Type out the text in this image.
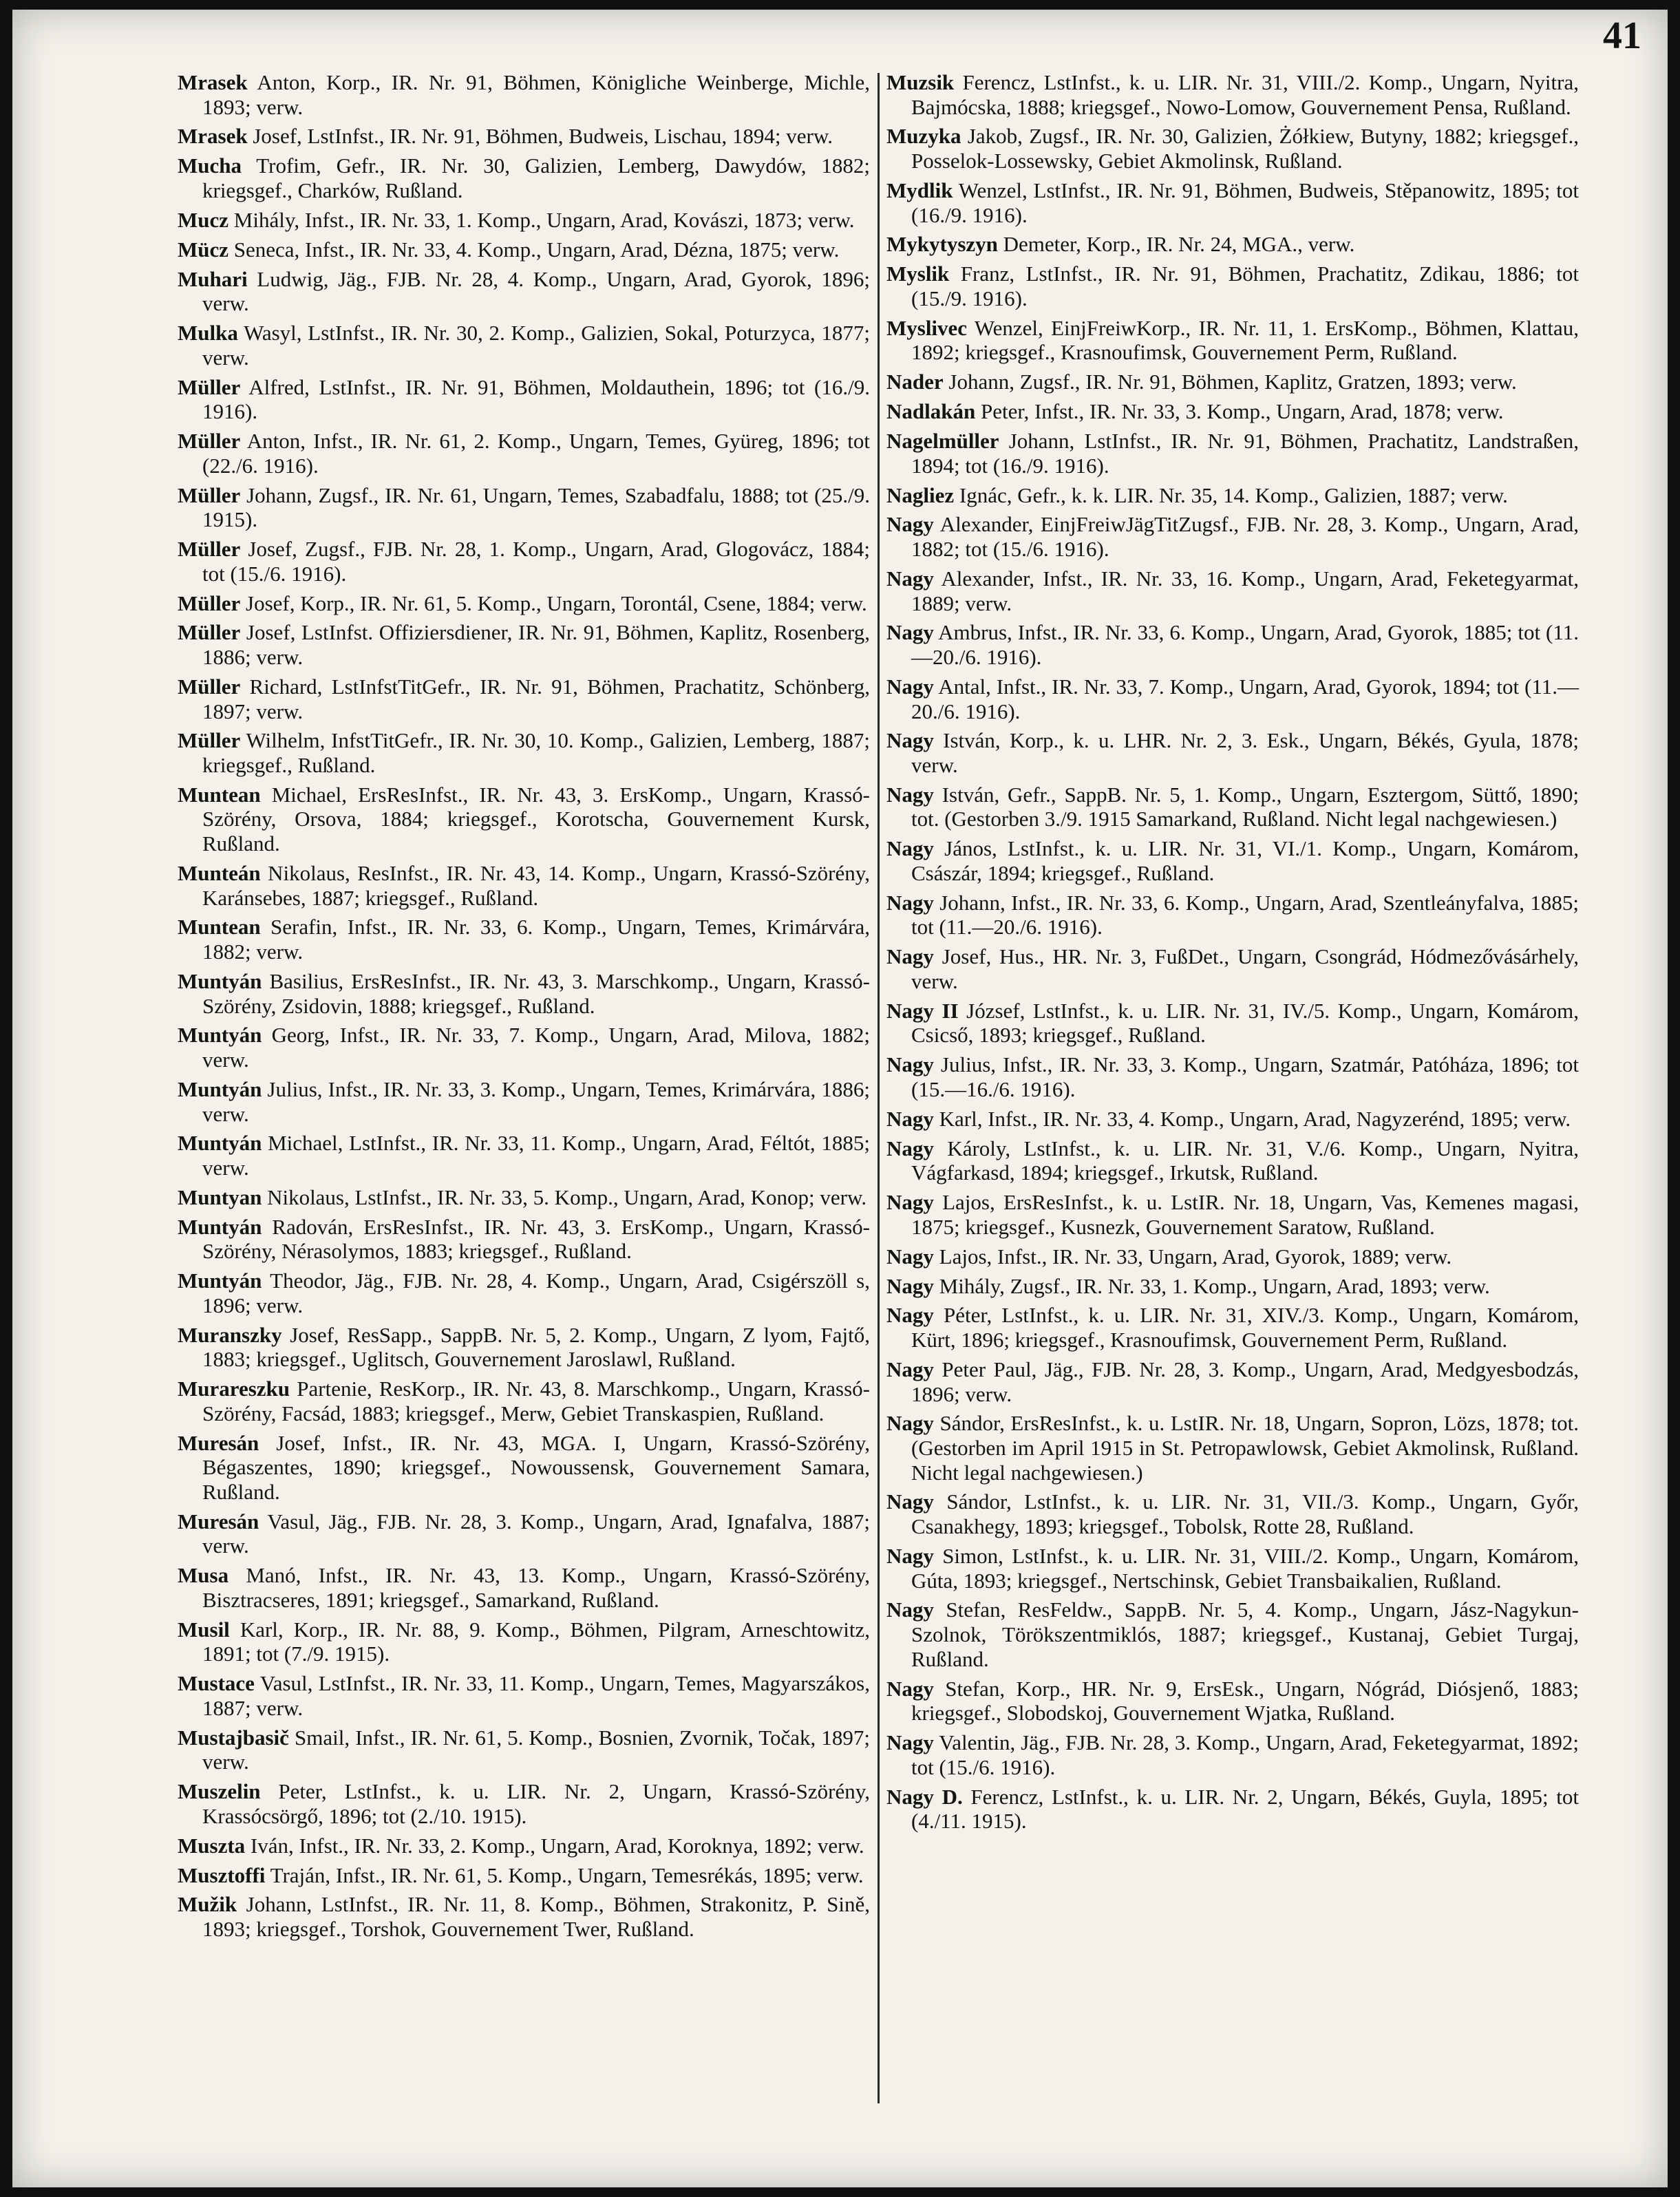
41

Mrasek Anton, Korp., IR. Nr. 91, Böhmen, Königliche Weinberge, Michle, 1893; verw.

Mrasek Josef, LstInfst., IR. Nr. 91, Böhmen, Budweis, Lischau, 1894; verw.

Mucha Trofim, Gefr., IR. Nr. 30, Galizien, Lemberg, Dawydów, 1882; kriegsgef., Charków, Rußland.

Mucz Mihály, Infst., IR. Nr. 33, 1. Komp., Ungarn, Arad, Kovászi, 1873; verw.

Mücz Seneca, Infst., IR. Nr. 33, 4. Komp., Ungarn, Arad, Dézna, 1875; verw.

Muhari Ludwig, Jäg., FJB. Nr. 28, 4. Komp., Ungarn, Arad, Gyorok, 1896; verw.

Mulka Wasyl, LstInfst., IR. Nr. 30, 2. Komp., Galizien, Sokal, Poturzyca, 1877; verw.

Müller Alfred, LstInfst., IR. Nr. 91, Böhmen, Moldauthein, 1896; tot (16./9. 1916).

Müller Anton, Infst., IR. Nr. 61, 2. Komp., Ungarn, Temes, Gyüreg, 1896; tot (22./6. 1916).

Müller Johann, Zugsf., IR. Nr. 61, Ungarn, Temes, Szabadfalu, 1888; tot (25./9. 1915).

Müller Josef, Zugsf., FJB. Nr. 28, 1. Komp., Ungarn, Arad, Glogovácz, 1884; tot (15./6. 1916).

Müller Josef, Korp., IR. Nr. 61, 5. Komp., Ungarn, Torontál, Csene, 1884; verw.

Müller Josef, LstInfst. Offiziersdiener, IR. Nr. 91, Böhmen, Kaplitz, Rosenberg, 1886; verw.

Müller Richard, LstInfstTitGefr., IR. Nr. 91, Böhmen, Prachatitz, Schönberg, 1897; verw.

Müller Wilhelm, InfstTitGefr., IR. Nr. 30, 10. Komp., Galizien, Lemberg, 1887; kriegsgef., Rußland.

Muntean Michael, ErsResInfst., IR. Nr. 43, 3. ErsKomp., Ungarn, Krassó-Szörény, Orsova, 1884; kriegsgef., Korotscha, Gouvernement Kursk, Rußland.

Munteán Nikolaus, ResInfst., IR. Nr. 43, 14. Komp., Ungarn, Krassó-Szörény, Karánsebes, 1887; kriegsgef., Rußland.

Muntean Serafin, Infst., IR. Nr. 33, 6. Komp., Ungarn, Temes, Krimárvára, 1882; verw.

Muntyán Basilius, ErsResInfst., IR. Nr. 43, 3. Marschkomp., Ungarn, Krassó-Szörény, Zsidovin, 1888; kriegsgef., Rußland.

Muntyán Georg, Infst., IR. Nr. 33, 7. Komp., Ungarn, Arad, Milova, 1882; verw.

Muntyán Julius, Infst., IR. Nr. 33, 3. Komp., Ungarn, Temes, Krimárvára, 1886; verw.

Muntyán Michael, LstInfst., IR. Nr. 33, 11. Komp., Ungarn, Arad, Féltót, 1885; verw.

Muntyan Nikolaus, LstInfst., IR. Nr. 33, 5. Komp., Ungarn, Arad, Konop; verw.

Muntyán Radován, ErsResInfst., IR. Nr. 43, 3. ErsKomp., Ungarn, Krassó-Szörény, Nérasolymos, 1883; kriegsgef., Rußland.

Muntyán Theodor, Jäg., FJB. Nr. 28, 4. Komp., Ungarn, Arad, Csigérszöll s, 1896; verw.

Muranszky Josef, ResSapp., SappB. Nr. 5, 2. Komp., Ungarn, Z lyom, Fajtő, 1883; kriegsgef., Uglitsch, Gouvernement Jaroslawl, Rußland.

Murareszku Partenie, ResKorp., IR. Nr. 43, 8. Marschkomp., Ungarn, Krassó-Szörény, Facsád, 1883; kriegsgef., Merw, Gebiet Transkaspien, Rußland.

Muresán Josef, Infst., IR. Nr. 43, MGA. I, Ungarn, Krassó-Szörény, Bégaszentes, 1890; kriegsgef., Nowoussensk, Gouvernement Samara, Rußland.

Muresán Vasul, Jäg., FJB. Nr. 28, 3. Komp., Ungarn, Arad, Ignafalva, 1887; verw.

Musa Manó, Infst., IR. Nr. 43, 13. Komp., Ungarn, Krassó-Szörény, Bisztracseres, 1891; kriegsgef., Samarkand, Rußland.

Musil Karl, Korp., IR. Nr. 88, 9. Komp., Böhmen, Pilgram, Arneschtowitz, 1891; tot (7./9. 1915).

Mustace Vasul, LstInfst., IR. Nr. 33, 11. Komp., Ungarn, Temes, Magyarszákos, 1887; verw.

Mustajbasič Smail, Infst., IR. Nr. 61, 5. Komp., Bosnien, Zvornik, Točak, 1897; verw.

Muszelin Peter, LstInfst., k. u. LIR. Nr. 2, Ungarn, Krassó-Szörény, Krassócsörgő, 1896; tot (2./10. 1915).

Muszta Iván, Infst., IR. Nr. 33, 2. Komp., Ungarn, Arad, Koroknya, 1892; verw.

Musztoffi Traján, Infst., IR. Nr. 61, 5. Komp., Ungarn, Temesrékás, 1895; verw.

Mužik Johann, LstInfst., IR. Nr. 11, 8. Komp., Böhmen, Strakonitz, P. Sině, 1893; kriegsgef., Torshok, Gouvernement Twer, Rußland.

Muzsik Ferencz, LstInfst., k. u. LIR. Nr. 31, VIII./2. Komp., Ungarn, Nyitra, Bajmócska, 1888; kriegsgef., Nowo-Lomow, Gouvernement Pensa, Rußland.

Muzyka Jakob, Zugsf., IR. Nr. 30, Galizien, Żółkiew, Butyny, 1882; kriegsgef., Posselok-Lossewsky, Gebiet Akmolinsk, Rußland.

Mydlik Wenzel, LstInfst., IR. Nr. 91, Böhmen, Budweis, Stěpanowitz, 1895; tot (16./9. 1916).

Mykytyszyn Demeter, Korp., IR. Nr. 24, MGA., verw.

Myslik Franz, LstInfst., IR. Nr. 91, Böhmen, Prachatitz, Zdikau, 1886; tot (15./9. 1916).

Myslivec Wenzel, EinjFreiwKorp., IR. Nr. 11, 1. ErsKomp., Böhmen, Klattau, 1892; kriegsgef., Krasnoufimsk, Gouvernement Perm, Rußland.

Nader Johann, Zugsf., IR. Nr. 91, Böhmen, Kaplitz, Gratzen, 1893; verw.

Nadlakán Peter, Infst., IR. Nr. 33, 3. Komp., Ungarn, Arad, 1878; verw.

Nagelmüller Johann, LstInfst., IR. Nr. 91, Böhmen, Prachatitz, Landstraßen, 1894; tot (16./9. 1916).

Nagliez Ignác, Gefr., k. k. LIR. Nr. 35, 14. Komp., Galizien, 1887; verw.

Nagy Alexander, EinjFreiwJägTitZugsf., FJB. Nr. 28, 3. Komp., Ungarn, Arad, 1882; tot (15./6. 1916).

Nagy Alexander, Infst., IR. Nr. 33, 16. Komp., Ungarn, Arad, Feketegyarmat, 1889; verw.

Nagy Ambrus, Infst., IR. Nr. 33, 6. Komp., Ungarn, Arad, Gyorok, 1885; tot (11.—20./6. 1916).

Nagy Antal, Infst., IR. Nr. 33, 7. Komp., Ungarn, Arad, Gyorok, 1894; tot (11.—20./6. 1916).

Nagy István, Korp., k. u. LHR. Nr. 2, 3. Esk., Ungarn, Békés, Gyula, 1878; verw.

Nagy István, Gefr., SappB. Nr. 5, 1. Komp., Ungarn, Esztergom, Süttő, 1890; tot. (Gestorben 3./9. 1915 Samarkand, Rußland. Nicht legal nachgewiesen.)

Nagy János, LstInfst., k. u. LIR. Nr. 31, VI./1. Komp., Ungarn, Komárom, Császár, 1894; kriegsgef., Rußland.

Nagy Johann, Infst., IR. Nr. 33, 6. Komp., Ungarn, Arad, Szentleányfalva, 1885; tot (11.—20./6. 1916).

Nagy Josef, Hus., HR. Nr. 3, FußDet., Ungarn, Csongrád, Hódmezővásárhely, verw.

Nagy II József, LstInfst., k. u. LIR. Nr. 31, IV./5. Komp., Ungarn, Komárom, Csicső, 1893; kriegsgef., Rußland.

Nagy Julius, Infst., IR. Nr. 33, 3. Komp., Ungarn, Szatmár, Patóháza, 1896; tot (15.—16./6. 1916).

Nagy Karl, Infst., IR. Nr. 33, 4. Komp., Ungarn, Arad, Nagyzerénd, 1895; verw.

Nagy Károly, LstInfst., k. u. LIR. Nr. 31, V./6. Komp., Ungarn, Nyitra, Vágfarkasd, 1894; kriegsgef., Irkutsk, Rußland.

Nagy Lajos, ErsResInfst., k. u. LstIR. Nr. 18, Ungarn, Vas, Kemenes magasi, 1875; kriegsgef., Kusnezk, Gouvernement Saratow, Rußland.

Nagy Lajos, Infst., IR. Nr. 33, Ungarn, Arad, Gyorok, 1889; verw.

Nagy Mihály, Zugsf., IR. Nr. 33, 1. Komp., Ungarn, Arad, 1893; verw.

Nagy Péter, LstInfst., k. u. LIR. Nr. 31, XIV./3. Komp., Ungarn, Komárom, Kürt, 1896; kriegsgef., Krasnoufimsk, Gouvernement Perm, Rußland.

Nagy Peter Paul, Jäg., FJB. Nr. 28, 3. Komp., Ungarn, Arad, Medgyesbodzás, 1896; verw.

Nagy Sándor, ErsResInfst., k. u. LstIR. Nr. 18, Ungarn, Sopron, Lözs, 1878; tot. (Gestorben im April 1915 in St. Petropawlowsk, Gebiet Akmolinsk, Rußland. Nicht legal nachgewiesen.)

Nagy Sándor, LstInfst., k. u. LIR. Nr. 31, VII./3. Komp., Ungarn, Győr, Csanakhegy, 1893; kriegsgef., Tobolsk, Rotte 28, Rußland.

Nagy Simon, LstInfst., k. u. LIR. Nr. 31, VIII./2. Komp., Ungarn, Komárom, Gúta, 1893; kriegsgef., Nertschinsk, Gebiet Transbaikalien, Rußland.

Nagy Stefan, ResFeldw., SappB. Nr. 5, 4. Komp., Ungarn, Jász-Nagykun-Szolnok, Törökszentmiklós, 1887; kriegsgef., Kustanaj, Gebiet Turgaj, Rußland.

Nagy Stefan, Korp., HR. Nr. 9, ErsEsk., Ungarn, Nógrád, Diósjenő, 1883; kriegsgef., Slobodskoj, Gouvernement Wjatka, Rußland.

Nagy Valentin, Jäg., FJB. Nr. 28, 3. Komp., Ungarn, Arad, Feketegyarmat, 1892; tot (15./6. 1916).

Nagy D. Ferencz, LstInfst., k. u. LIR. Nr. 2, Ungarn, Békés, Guyla, 1895; tot (4./11. 1915).
